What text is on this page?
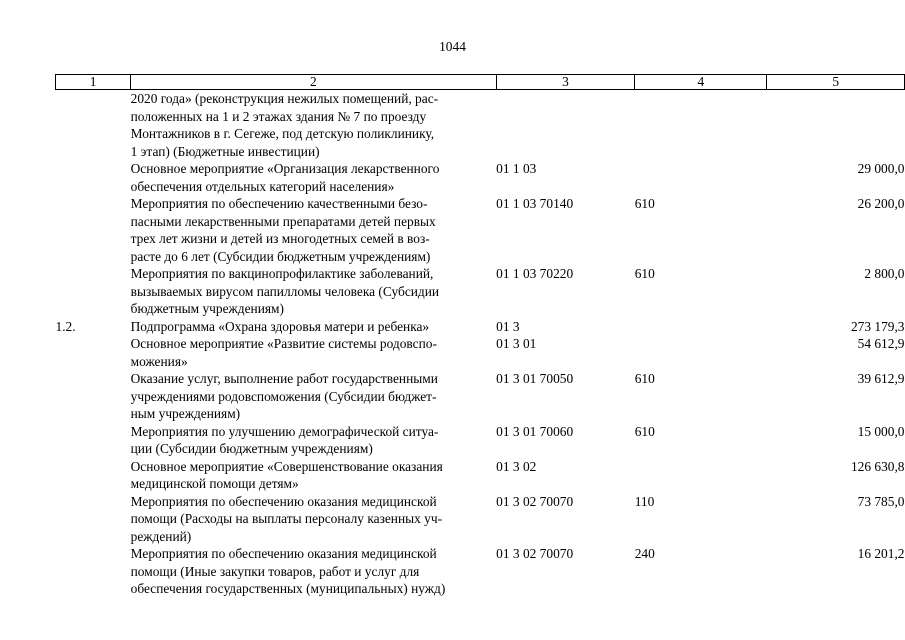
1044
1	2	3	4	5

	2020 года» (реконструкция нежилых помещений, рас-
положенных на 1 и 2 этажах здания № 7 по проезду
Монтажников в г. Сегеже, под детскую поликлинику,
1 этап) (Бюджетные инвестиции)			

	Основное мероприятие «Организация лекарственного
обеспечения отдельных категорий населения»	01 1 03		29 000,0

	Мероприятия по обеспечению качественными безо-
пасными лекарственными препаратами детей первых
трех лет жизни и детей из многодетных семей в воз-
расте до 6 лет (Субсидии бюджетным учреждениям)	01 1 03 70140	610	26 200,0

	Мероприятия по вакцинопрофилактике заболеваний,
вызываемых вирусом папилломы человека (Субсидии
бюджетным учреждениям)	01 1 03 70220	610	2 800,0
1.2.	Подпрограмма «Охрана здоровья матери и ребенка»	01 3		273 179,3

	Основное мероприятие «Развитие системы родовспо-
можения»	01 3 01		54 612,9

	Оказание услуг, выполнение работ государственными
учреждениями родовспоможения (Субсидии бюджет-
ным учреждениям)	01 3 01 70050	610	39 612,9

	Мероприятия по улучшению демографической ситуа-
ции (Субсидии бюджетным учреждениям)	01 3 01 70060	610	15 000,0

	Основное мероприятие «Совершенствование оказания
медицинской помощи детям»	01 3 02		126 630,8

	Мероприятия по обеспечению оказания медицинской
помощи (Расходы на выплаты персоналу казенных уч-
реждений)	01 3 02 70070	110	73 785,0

	Мероприятия по обеспечению оказания медицинской
помощи (Иные закупки товаров, работ и услуг для
обеспечения государственных (муниципальных) нужд)	01 3 02 70070	240	16 201,2
